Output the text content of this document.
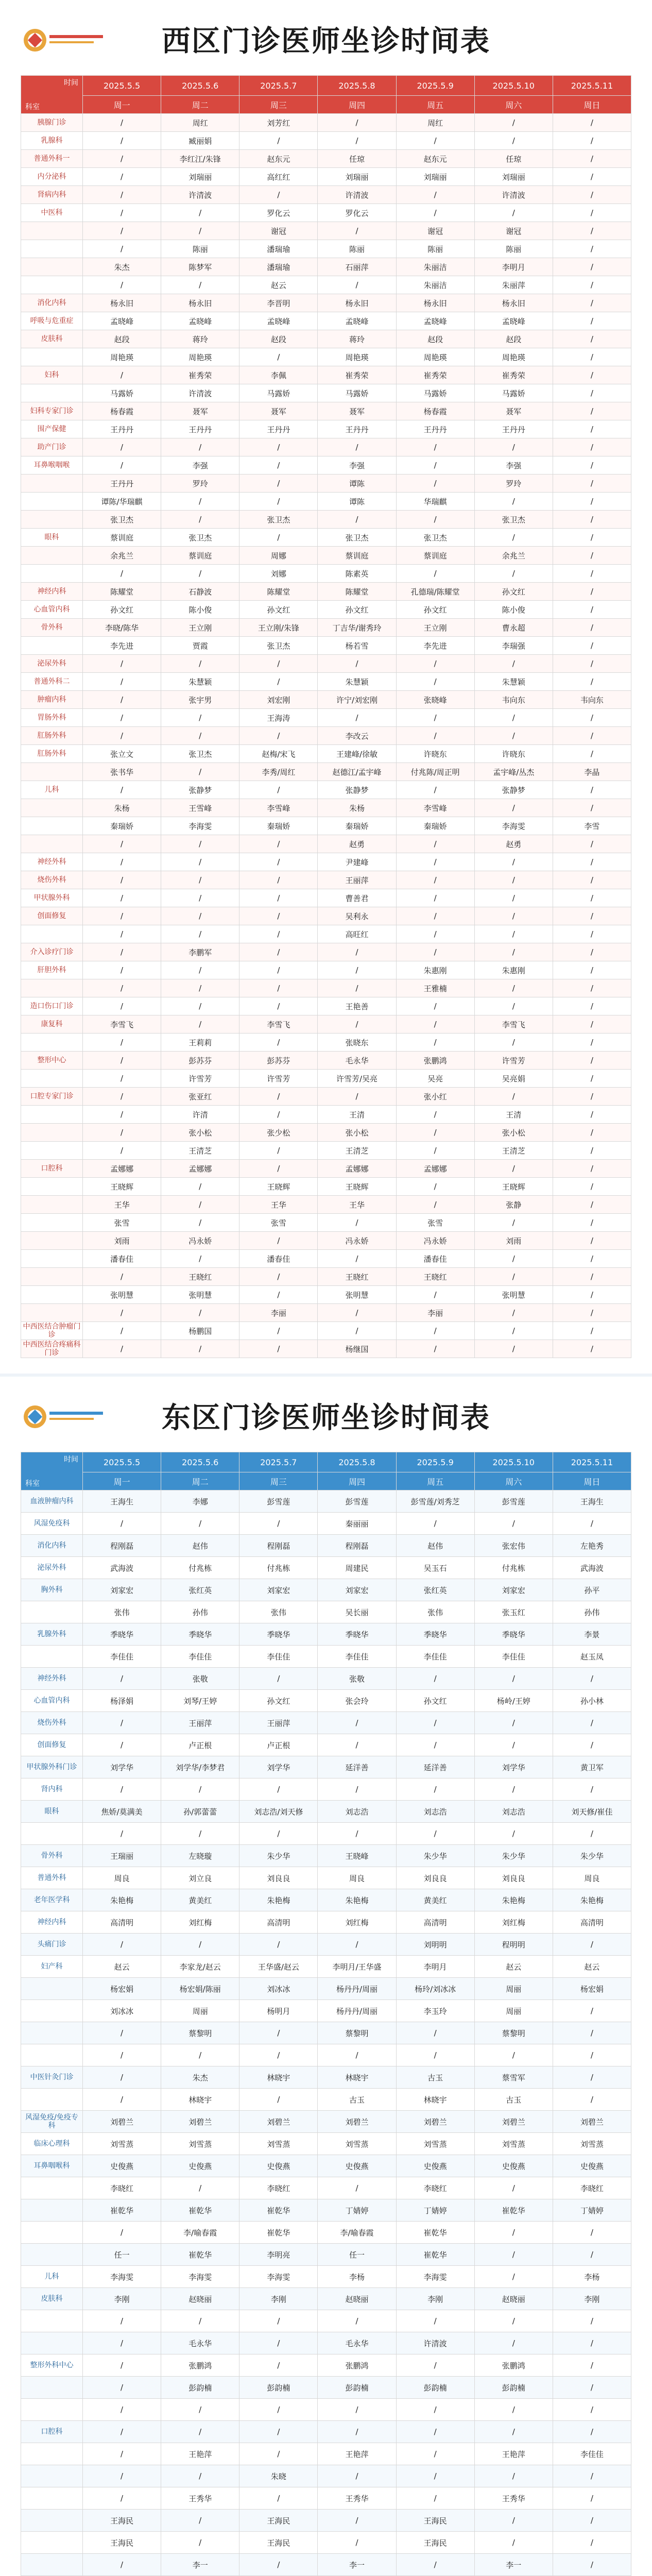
西区门诊医师坐诊时间表
时间
科室	2025.5.5	2025.5.6	2025.5.7	2025.5.8	2025.5.9	2025.5.10	2025.5.11
	周一	周二	周三	周四	周五	周六	周日
胰腺门诊	/	周红	刘芳红	/	周红	/	/
乳腺科	/	臧丽娟	/	/	/	/	/
普通外科一	/	李红江/朱锋	赵东元	任琼	赵东元	任琼	/
内分泌科	/	刘瑞丽	高红红	刘瑞丽	刘瑞丽	刘瑞丽	/
肾病内科	/	许清波	/	许清波	/	许清波	/
中医科	/	/	罗化云	罗化云	/	/	/
	/	/	谢冠	/	谢冠	谢冠	/
	/	陈丽	潘瑞瑜	陈丽	陈丽	陈丽	/
	朱杰	陈梦军	潘瑞瑜	石丽萍	朱丽洁	李明月	/
	/	/	赵云	/	朱丽洁	朱丽萍	/
消化内科	杨永旧	杨永旧	李晋明	杨永旧	杨永旧	杨永旧	/
呼吸与危重症	孟晓峰	孟晓峰	孟晓峰	孟晓峰	孟晓峰	孟晓峰	/
皮肤科	赵段	蒋玲	赵段	蒋玲	赵段	赵段	/
	周艳瑛	周艳瑛	/	周艳瑛	周艳瑛	周艳瑛	/
妇科	/	崔秀荣	李佩	崔秀荣	崔秀荣	崔秀荣	/
	马露娇	许清波	马露娇	马露娇	马露娇	马露娇	/
妇科专家门诊	杨春霞	聂军	聂军	聂军	杨春霞	聂军	/
围产保健	王丹丹	王丹丹	王丹丹	王丹丹	王丹丹	王丹丹	/
助产门诊	/	/	/	/	/	/	/
耳鼻喉咽喉	/	李强	/	李强	/	李强	/
	王丹丹	罗玲	/	谭陈	/	罗玲	/
	谭陈/华瑞麒	/	/	谭陈	华瑞麒	/	/
	张卫杰	/	张卫杰	/	/	张卫杰	/
眼科	蔡训庭	张卫杰	/	张卫杰	张卫杰	/	/
	余兆兰	蔡训庭	周娜	蔡训庭	蔡训庭	余兆兰	/
	/	/	刘娜	陈素英	/	/	/
神经内科	陈耀堂	石静波	陈耀堂	陈耀堂	孔德瑞/陈耀堂	孙文红	/
心血管内科	孙文红	陈小俊	孙文红	孙文红	孙文红	陈小俊	/
骨外科	李晓/陈华	王立刚	王立刚/朱锋	丁吉华/谢秀玲	王立刚	曹永超	/
	李先进	贾霞	张卫杰	杨若雪	李先进	李瑞强	/
泌尿外科	/	/	/	/	/	/	/
普通外科二	/	朱慧颖	/	朱慧颖	/	朱慧颖	/
肿瘤内科	/	张宇男	刘宏刚	许宁/刘宏刚	张晓峰	韦向东	韦向东
胃肠外科	/	/	王海涛	/	/	/	/
肛肠外科	/	/	/	李改云	/	/	/
肛肠外科	张立文	张卫杰	赵梅/宋飞	王建峰/徐敏	许晓东	许晓东	/
	张书华	/	李秀/周红	赵德江/孟宇峰	付兆陈/周正明	孟宇峰/丛杰	李晶
儿科	/	张静梦	/	张静梦	/	张静梦	/
	朱杨	王雪峰	李雪峰	朱杨	李雪峰	/	/
	秦瑞娇	李海雯	秦瑞娇	秦瑞娇	秦瑞娇	李海雯	李雪
	/	/	/	赵勇	/	赵勇	/
神经外科	/	/	/	尹建峰	/	/	/
烧伤外科	/	/	/	王丽萍	/	/	/
甲状腺外科	/	/	/	曹善君	/	/	/
创面修复	/	/	/	吴利永	/	/	/
	/	/	/	高旺红	/	/	/
介入诊疗门诊	/	李鹏军	/	/	/	/	/
肝胆外科	/	/	/	/	朱惠刚	朱惠刚	/
	/	/	/	/	王雅楠	/	/
造口伤口门诊	/	/	/	王艳善	/	/	/
康复科	李雪飞	/	李雪飞	/	/	李雪飞	/
	/	王莉莉	/	张晓东	/	/	/
整形中心	/	彭苏芬	彭苏芬	毛永华	张鹏鸿	许雪芳	/
	/	许雪芳	许雪芳	许雪芳/吴亮	吴亮	吴亮娟	/
口腔专家门诊	/	张亚红	/	/	张小红	/	/
	/	许清	/	王清	/	王清	/
	/	张小松	张少松	张小松	/	张小松	/
	/	王清芝	/	王清芝	/	王清芝	/
口腔科	孟娜娜	孟娜娜	/	孟娜娜	孟娜娜	/	/
	王晓辉	/	王晓辉	王晓辉	/	王晓辉	/
	王华	/	王华	王华	/	张静	/
	张雪	/	张雪	/	张雪	/	/
	刘雨	冯永娇	/	冯永娇	冯永娇	刘雨	/
	潘春佳	/	潘春佳	/	潘春佳	/	/
	/	王晓红	/	王晓红	王晓红	/	/
	张明慧	张明慧	/	张明慧	/	张明慧	/
	/	/	李丽	/	李丽	/	/
中西医结合肿瘤门诊	/	杨鹏国	/	/	/	/	/
中西医结合疼痛科门诊	/	/	/	杨继国	/	/	/
东区门诊医师坐诊时间表
时间
科室	2025.5.5	2025.5.6	2025.5.7	2025.5.8	2025.5.9	2025.5.10	2025.5.11
	周一	周二	周三	周四	周五	周六	周日
血液肿瘤内科	王海生	李娜	彭雪莲	彭雪莲	彭雪莲/刘秀芝	彭雪莲	王海生
风湿免疫科	/	/	/	秦丽丽	/	/	/
消化内科	程刚磊	赵伟	程刚磊	程刚磊	赵伟	张宏伟	左艳秀
泌尿外科	武海波	付兆栋	付兆栋	周建民	吴玉石	付兆栋	武海波
胸外科	刘家宏	张红英	刘家宏	刘家宏	张红英	刘家宏	孙平
	张伟	孙伟	张伟	吴长丽	张伟	张玉红	孙伟
乳腺外科	季晓华	季晓华	季晓华	季晓华	季晓华	季晓华	李景
	李佳佳	李佳佳	李佳佳	李佳佳	李佳佳	李佳佳	赵玉凤
神经外科	/	张敬	/	张敬	/	/	/
心血管内科	杨泽娟	刘琴/王婷	孙文红	张会玲	孙文红	杨岭/王婷	孙小林
烧伤外科	/	王丽萍	王丽萍	/	/	/	/
创面修复	/	卢正根	卢正根	/	/	/	/
甲状腺外科门诊	刘学华	刘学华/李梦君	刘学华	延洋善	延洋善	刘学华	黄卫军
肾内科	/	/	/	/	/	/	/
眼科	焦娇/莫满美	孙/郭蕾蕾	刘志浩/刘天修	刘志浩	刘志浩	刘志浩	刘天修/崔佳
	/	/	/	/	/	/	/
骨外科	王瑞丽	左晓璇	朱少华	王晓峰	朱少华	朱少华	朱少华
普通外科	周良	刘立良	刘良良	周良	刘良良	刘良良	周良
老年医学科	朱艳梅	黄美红	朱艳梅	朱艳梅	黄美红	朱艳梅	朱艳梅
神经内科	高清明	刘红梅	高清明	刘红梅	高清明	刘红梅	高清明
头痛门诊	/	/	/	/	刘明明	程明明	/
妇产科	赵云	李家龙/赵云	王华盛/赵云	李明月/王华盛	李明月	赵云	赵云
	杨宏娟	杨宏娟/陈丽	刘冰冰	杨丹丹/周丽	杨玲/刘冰冰	周丽	杨宏娟
	刘冰冰	周丽	杨明月	杨丹丹/周丽	李玉玲	周丽	/
	/	蔡黎明	/	蔡黎明	/	蔡黎明	/
	/	/	/	/	/	/	/
中医针灸门诊	/	朱杰	林晓宇	林晓宇	古玉	蔡雪军	/
	/	林晓宇	/	古玉	林晓宇	古玉	/
风湿免疫/免疫专科	刘碧兰	刘碧兰	刘碧兰	刘碧兰	刘碧兰	刘碧兰	刘碧兰
临床心理科	刘雪蒸	刘雪蒸	刘雪蒸	刘雪蒸	刘雪蒸	刘雪蒸	刘雪蒸
耳鼻咽喉科	史俊燕	史俊燕	史俊燕	史俊燕	史俊燕	史俊燕	史俊燕
	李晓红	/	李晓红	/	李晓红	/	李晓红
	崔乾华	崔乾华	崔乾华	丁婧婷	丁婧婷	崔乾华	丁婧婷
	/	李/喻春霞	崔乾华	李/喻春霞	崔乾华	/	/
	任一	崔乾华	李明亮	任一	崔乾华	/	/
儿科	李海雯	李海雯	李海雯	李杨	李海雯	/	李杨
皮肤科	李刚	赵晓丽	李刚	赵晓丽	李刚	赵晓丽	李刚
	/	/	/	/	/	/	/
	/	毛永华	/	毛永华	许清波	/	/
整形外科中心	/	张鹏鸿	/	张鹏鸿	/	张鹏鸿	/
	/	彭韵楠	彭韵楠	彭韵楠	彭韵楠	彭韵楠	/
	/	/	/	/	/	/	/
口腔科	/	/	/	/	/	/	/
	/	王艳萍	/	王艳萍	/	王艳萍	李佳佳
	/	/	朱晓	/	/	/	/
	/	王秀华	/	王秀华	/	王秀华	/
	王海民	/	王海民	/	王海民	/	/
	王海民	/	王海民	/	王海民	/	/
	/	李一	/	李一	/	李一	/
